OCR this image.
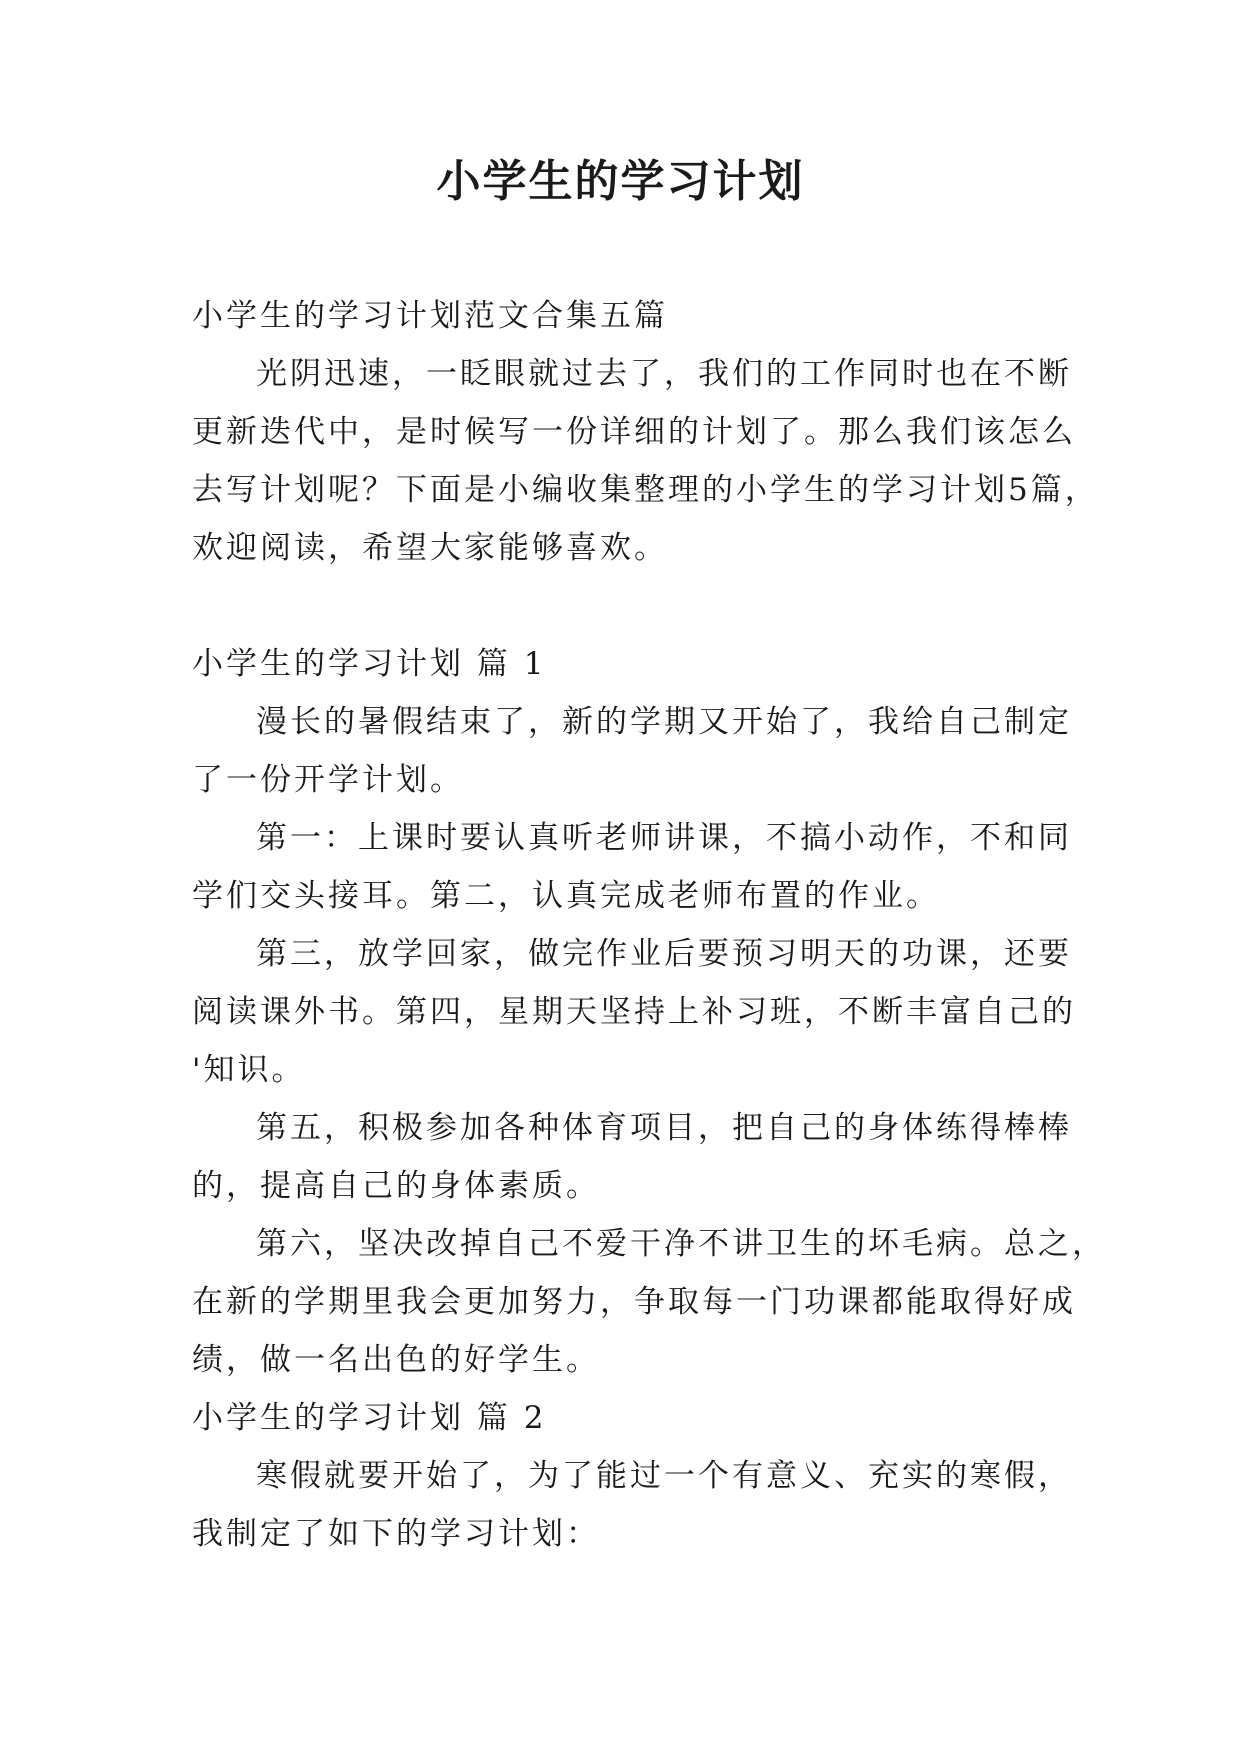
小学生的学习计划
小学生的学习计划范文合集五篇
光阴迅速，一眨眼就过去了，我们的工作同时也在不断
更新迭代中，是时候写一份详细的计划了。那么我们该怎么
去写计划呢？下面是小编收集整理的小学生的学习计划5篇，
欢迎阅读，希望大家能够喜欢。
小学生的学习计划 篇 1
漫长的暑假结束了，新的学期又开始了，我给自己制定
了一份开学计划。
第一：上课时要认真听老师讲课，不搞小动作，不和同
学们交头接耳。第二，认真完成老师布置的作业。
第三，放学回家，做完作业后要预习明天的功课，还要
阅读课外书。第四，星期天坚持上补习班，不断丰富自己的
'知识。
第五，积极参加各种体育项目，把自己的身体练得棒棒
的，提高自己的身体素质。
第六，坚决改掉自己不爱干净不讲卫生的坏毛病。总之，
在新的学期里我会更加努力，争取每一门功课都能取得好成
绩，做一名出色的好学生。
小学生的学习计划 篇 2
寒假就要开始了，为了能过一个有意义、充实的寒假，
我制定了如下的学习计划：
